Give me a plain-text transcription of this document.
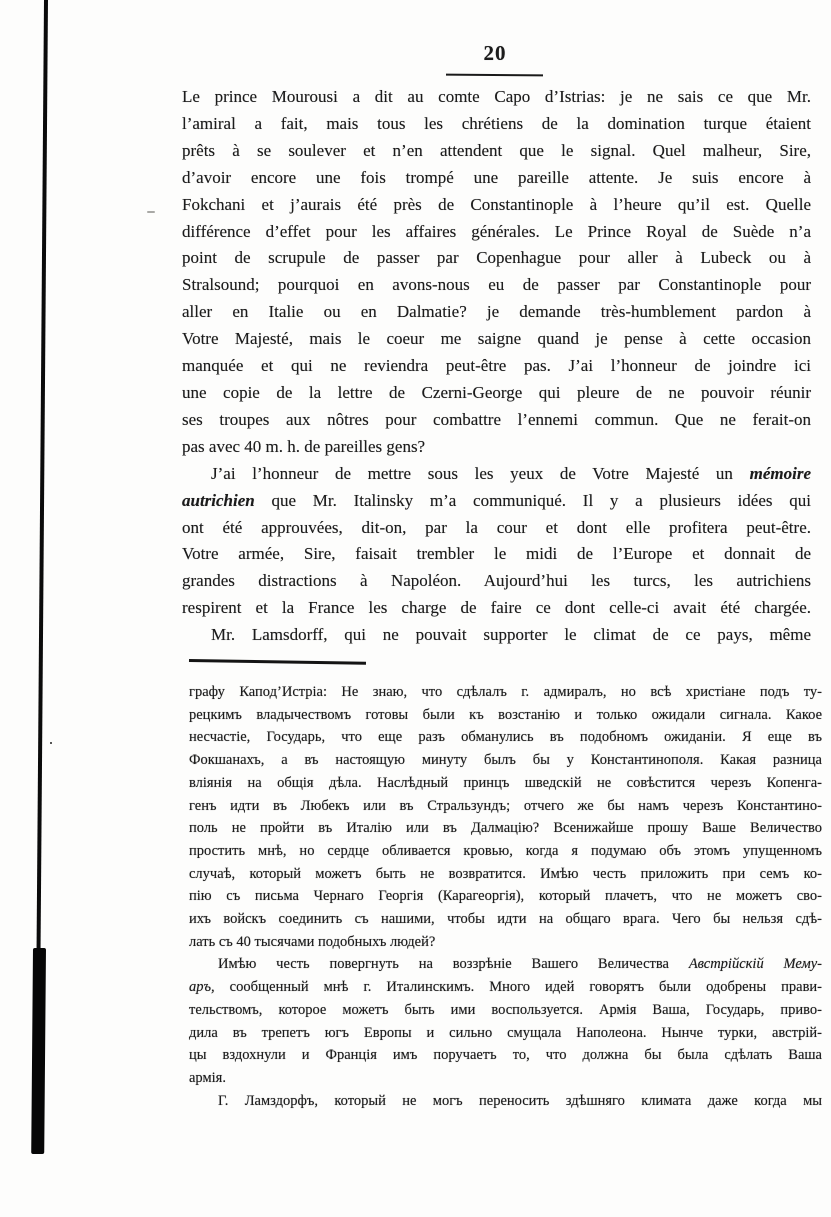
20
Le prince Mourousi a dit au comte Capo d’Istrias: je ne sais ce que Mr.
l’amiral a fait, mais tous les chrétiens de la domination turque étaient
prêts à se soulever et n’en attendent que le signal. Quel malheur, Sire,
d’avoir encore une fois trompé une pareille attente. Je suis encore à
Fokchani et j’aurais été près de Constantinople à l’heure qu’il est. Quelle
différence d’effet pour les affaires générales. Le Prince Royal de Suède n’a
point de scrupule de passer par Copenhague pour aller à Lubeck ou à
Stralsound; pourquoi en avons-nous eu de passer par Constantinople pour
aller en Italie ou en Dalmatie? je demande très-humblement pardon à
Votre Majesté, mais le coeur me saigne quand je pense à cette occasion
manquée et qui ne reviendra peut-être pas. J’ai l’honneur de joindre ici
une copie de la lettre de Czerni-George qui pleure de ne pouvoir réunir
ses troupes aux nôtres pour combattre l’ennemi commun. Que ne ferait-on
pas avec 40 m. h. de pareilles gens?
J’ai l’honneur de mettre sous les yeux de Votre Majesté un mémoire
autrichien que Mr. Italinsky m’a communiqué. Il y a plusieurs idées qui
ont été approuvées, dit-on, par la cour et dont elle profitera peut-être.
Votre armée, Sire, faisait trembler le midi de l’Europe et donnait de
grandes distractions à Napoléon. Aujourd’hui les turcs, les autrichiens
respirent et la France les charge de faire ce dont celle-ci avait été chargée.
Mr. Lamsdorff, qui ne pouvait supporter le climat de ce pays, même
графу Капод’Истріа: Не знаю, что сдѣлалъ г. адмиралъ, но всѣ христіане подъ ту-
рецкимъ владычествомъ готовы были къ возстанію и только ожидали сигнала. Какое
несчастіе, Государь, что еще разъ обманулись въ подобномъ ожиданіи. Я еще въ
Фокшанахъ, а въ настоящую минуту былъ бы у Константинополя. Какая разница
вліянія на общія дѣла. Наслѣдный принцъ шведскій не совѣстится черезъ Копенга-
генъ идти въ Любекъ или въ Стральзундъ; отчего же бы намъ черезъ Константино-
поль не пройти въ Италію или въ Далмацію? Всенижайше прошу Ваше Величество
простить мнѣ, но сердце обливается кровью, когда я подумаю объ этомъ упущенномъ
случаѣ, который можетъ быть не возвратится. Имѣю честь приложить при семъ ко-
пію съ письма Чернаго Георгія (Карагеоргія), который плачетъ, что не можетъ сво-
ихъ войскъ соединить съ нашими, чтобы идти на общаго врага. Чего бы нельзя сдѣ-
лать съ 40 тысячами подобныхъ людей?
Имѣю честь повергнуть на воззрѣніе Вашего Величества Австрійскій Мему-
аръ, сообщенный мнѣ г. Италинскимъ. Много идей говорятъ были одобрены прави-
тельствомъ, которое можетъ быть ими воспользуется. Армія Ваша, Государь, приво-
дила въ трепетъ югъ Европы и сильно смущала Наполеона. Нынче турки, австрій-
цы вздохнули и Франція имъ поручаетъ то, что должна бы была сдѣлать Ваша
армія.
Г. Ламздорфъ, который не могъ переносить здѣшняго климата даже когда мы
